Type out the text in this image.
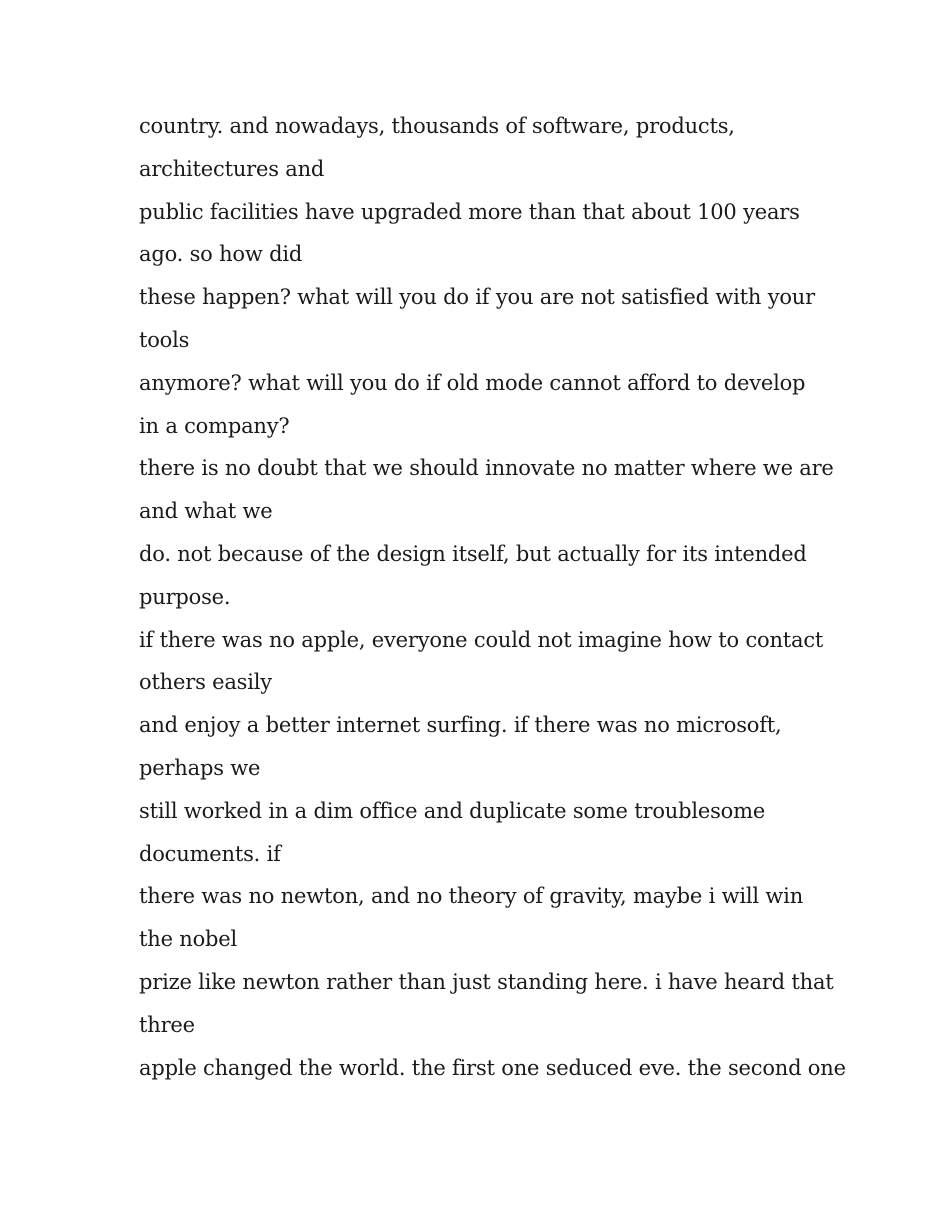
country. and nowadays, thousands of software, products,
architectures and
public facilities have upgraded more than that about 100 years
ago. so how did
these happen? what will you do if you are not satisfied with your
tools
anymore? what will you do if old mode cannot afford to develop
in a company?
there is no doubt that we should innovate no matter where we are
and what we
do. not because of the design itself, but actually for its intended
purpose.
if there was no apple, everyone could not imagine how to contact
others easily
and enjoy a better internet surfing. if there was no microsoft,
perhaps we
still worked in a dim office and duplicate some troublesome
documents. if
there was no newton, and no theory of gravity, maybe i will win
the nobel
prize like newton rather than just standing here. i have heard that
three
apple changed the world. the first one seduced eve. the second one
